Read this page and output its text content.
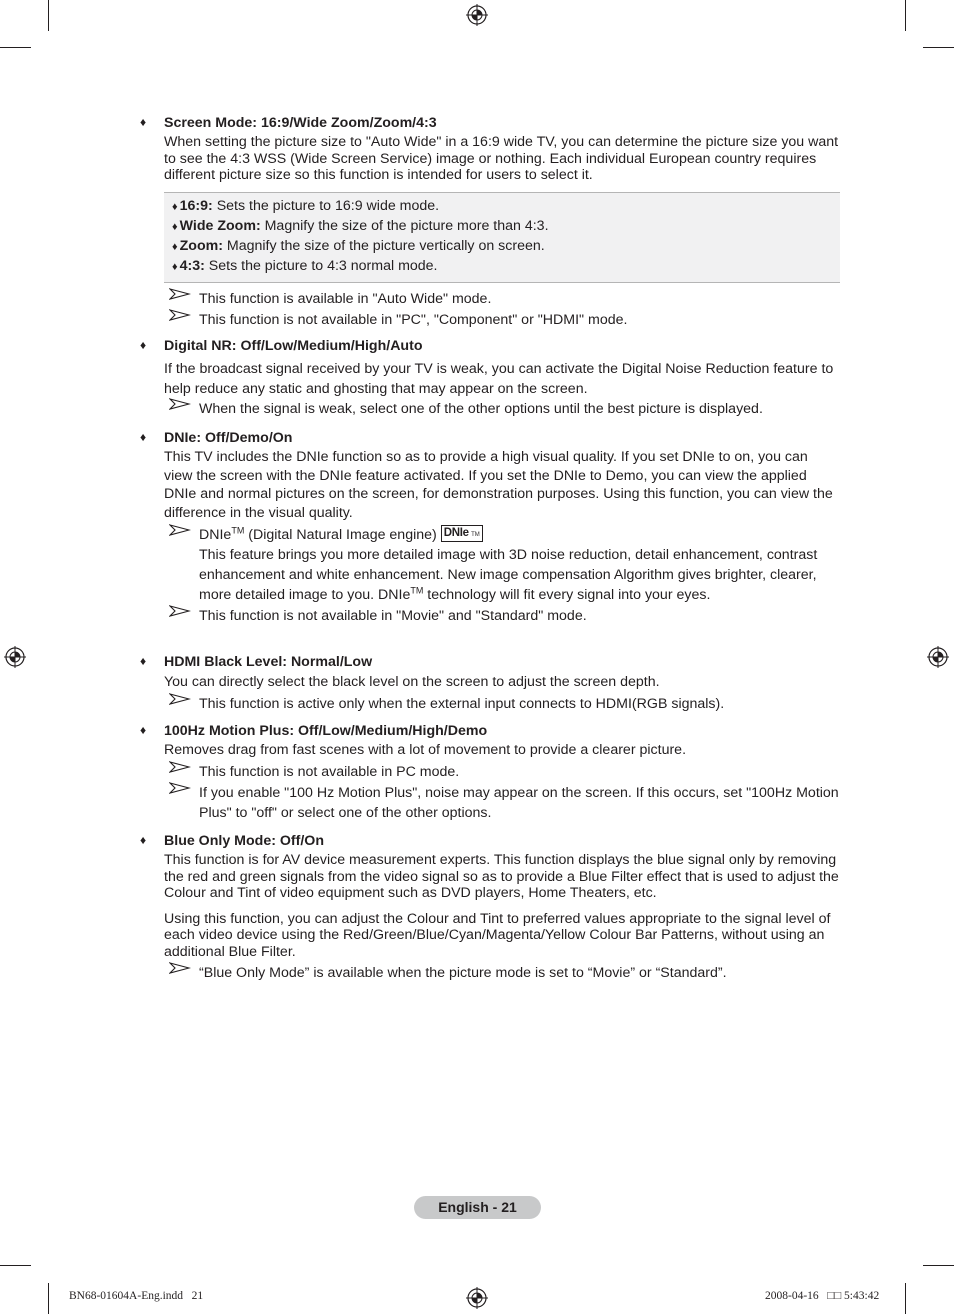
♦ Screen Mode: 16:9/Wide Zoom/Zoom/4:3
When setting the picture size to "Auto Wide" in a 16:9 wide TV, you can determine the picture size you want to see the 4:3 WSS (Wide Screen Service) image or nothing. Each individual European country requires different picture size so this function is intended for users to select it.
♦ 16:9: Sets the picture to 16:9 wide mode.
♦ Wide Zoom: Magnify the size of the picture more than 4:3.
♦ Zoom: Magnify the size of the picture vertically on screen.
♦ 4:3: Sets the picture to 4:3 normal mode.
This function is available in "Auto Wide" mode.
This function is not available in "PC", "Component" or "HDMI" mode.
♦ Digital NR: Off/Low/Medium/High/Auto
If the broadcast signal received by your TV is weak, you can activate the Digital Noise Reduction feature to help reduce any static and ghosting that may appear on the screen.
When the signal is weak, select one of the other options until the best picture is displayed.
♦ DNIe: Off/Demo/On
This TV includes the DNIe function so as to provide a high visual quality. If you set DNIe to on, you can view the screen with the DNIe feature activated. If you set the DNIe to Demo, you can view the applied DNIe and normal pictures on the screen, for demonstration purposes. Using this function, you can view the difference in the visual quality.
DNIe™ (Digital Natural Image engine) DNIe TM
This feature brings you more detailed image with 3D noise reduction, detail enhancement, contrast enhancement and white enhancement. New image compensation Algorithm gives brighter, clearer, more detailed image to you. DNIe™ technology will fit every signal into your eyes.
This function is not available in "Movie" and "Standard" mode.
♦ HDMI Black Level: Normal/Low
You can directly select the black level on the screen to adjust the screen depth.
This function is active only when the external input connects to HDMI(RGB signals).
♦ 100Hz Motion Plus: Off/Low/Medium/High/Demo
Removes drag from fast scenes with a lot of movement to provide a clearer picture.
This function is not available in PC mode.
If you enable "100 Hz Motion Plus", noise may appear on the screen. If this occurs, set "100Hz Motion Plus" to "off" or select one of the other options.
♦ Blue Only Mode: Off/On
This function is for AV device measurement experts. This function displays the blue signal only by removing the red and green signals from the video signal so as to provide a Blue Filter effect that is used to adjust the Colour and Tint of video equipment such as DVD players, Home Theaters, etc.
Using this function, you can adjust the Colour and Tint to preferred values appropriate to the signal level of each video device using the Red/Green/Blue/Cyan/Magenta/Yellow Colour Bar Patterns, without using an additional Blue Filter.
“Blue Only Mode” is available when the picture mode is set to “Movie” or “Standard”.
English - 21
BN68-01604A-Eng.indd   21	2008-04-16   □□ 5:43:42
